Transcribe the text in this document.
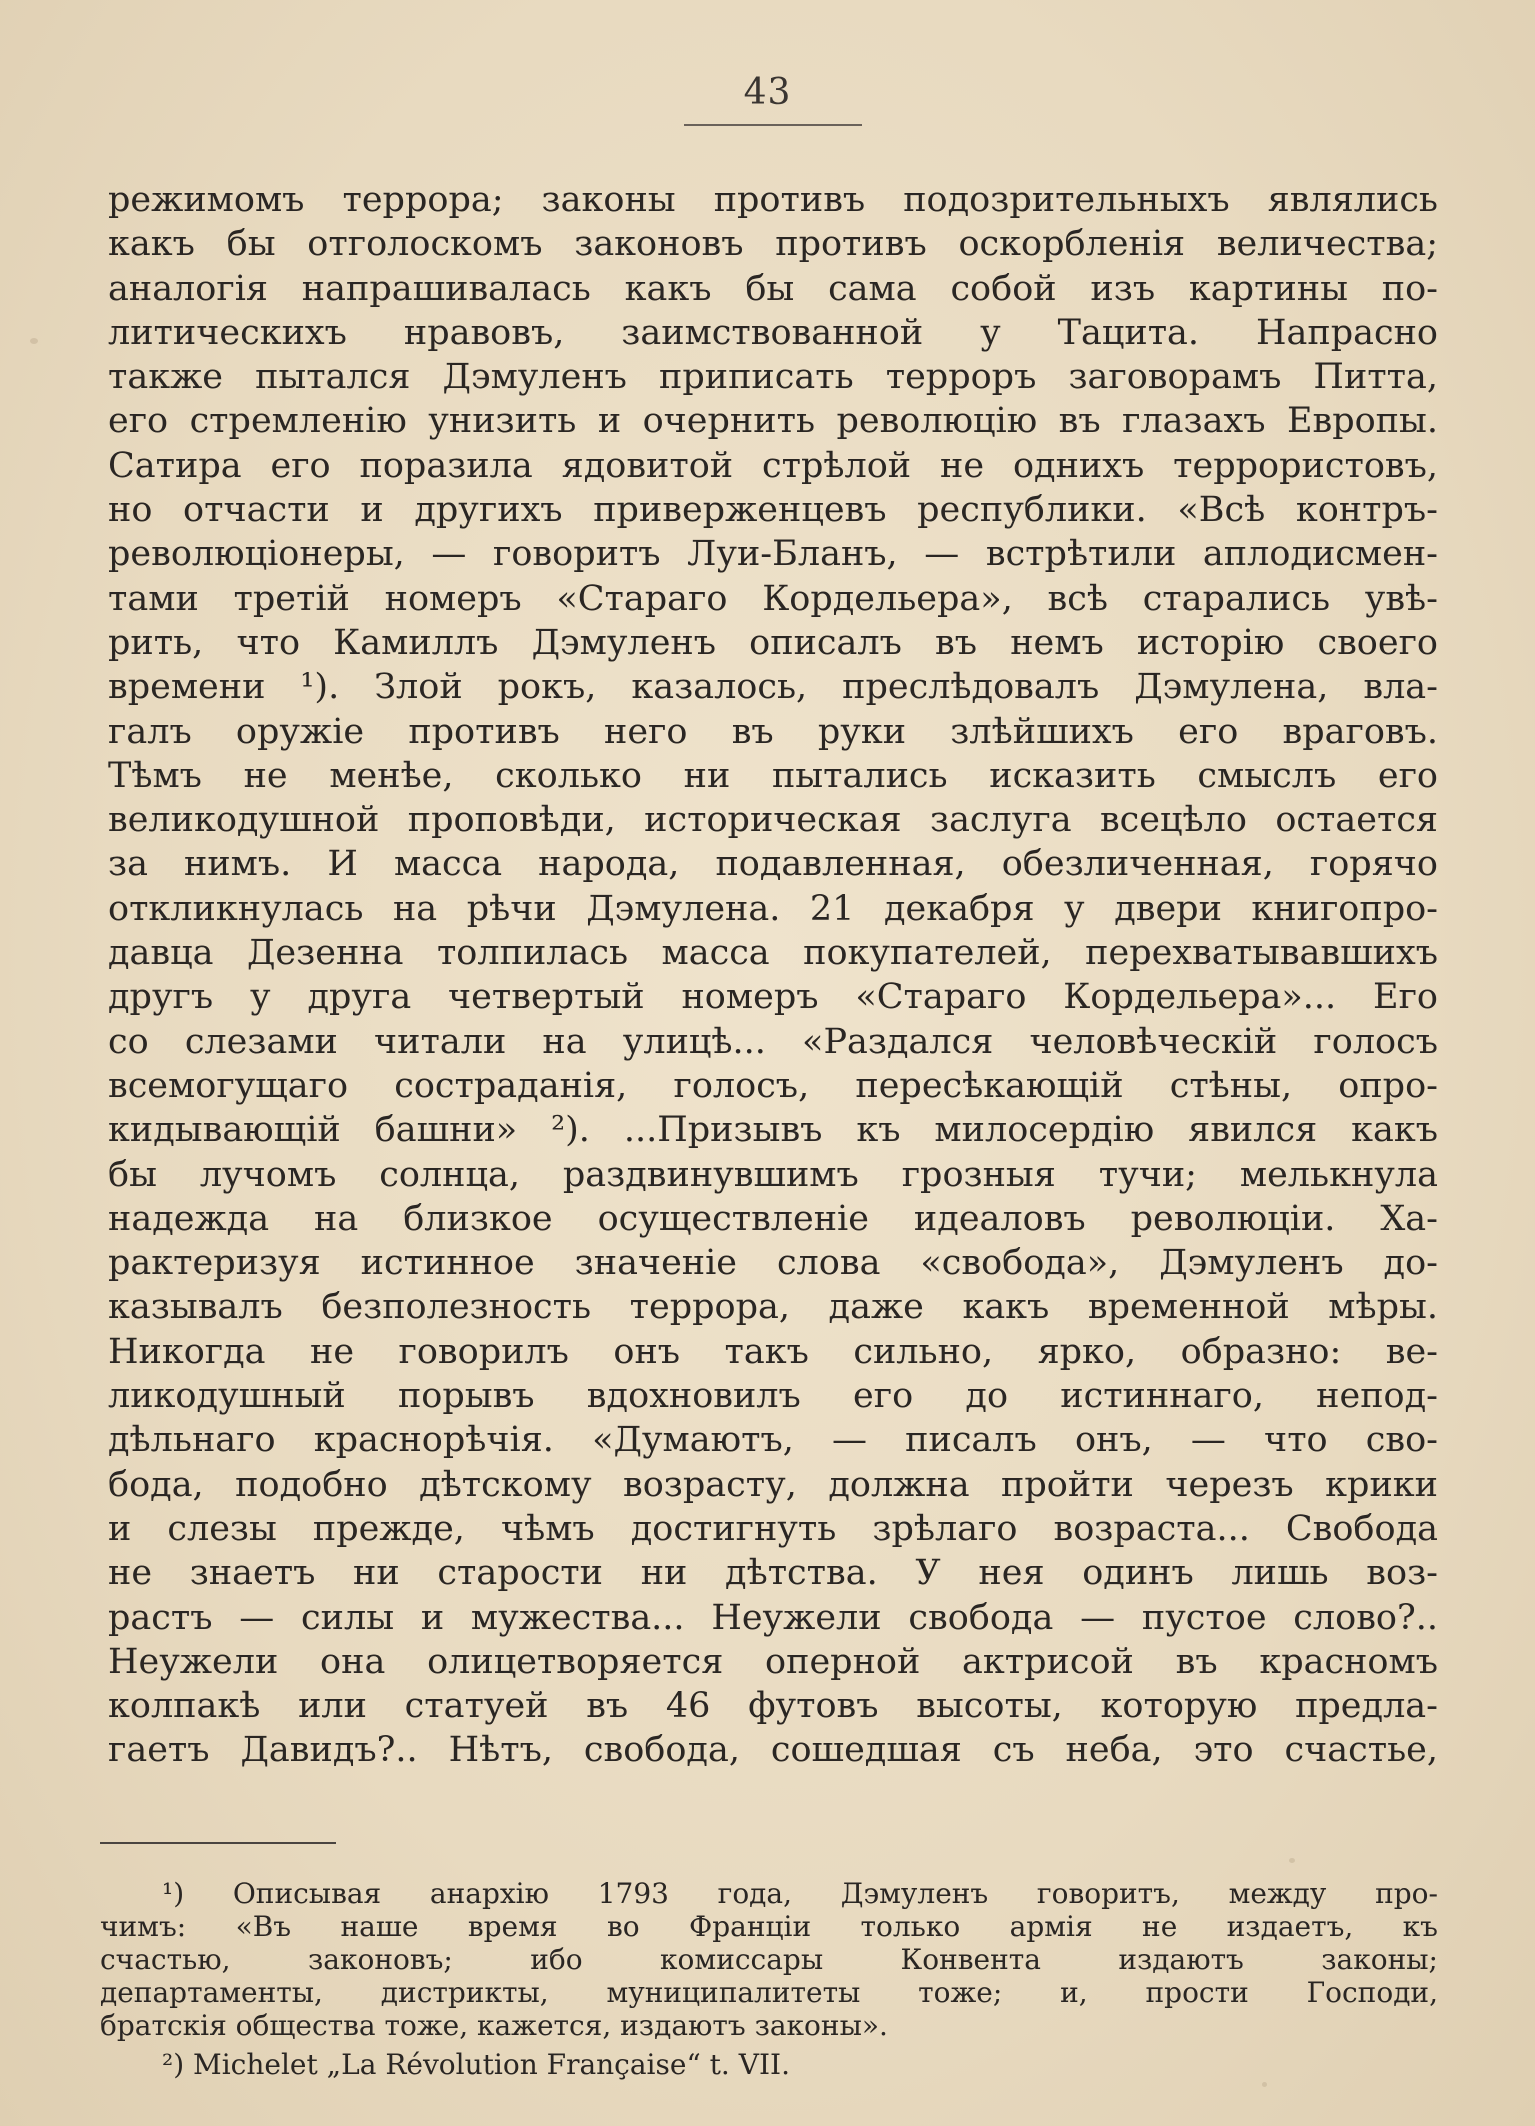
43
режимомъ террора; законы противъ подозрительныхъ являлись
какъ бы отголоскомъ законовъ противъ оскорбленія величества;
аналогія напрашивалась какъ бы сама собой изъ картины по-
литическихъ нравовъ, заимствованной у Тацита. Напрасно
также пытался Дэмуленъ приписать терроръ заговорамъ Питта,
его стремленію унизить и очернить революцію въ глазахъ Европы.
Сатира его поразила ядовитой стрѣлой не однихъ террористовъ,
но отчасти и другихъ приверженцевъ республики. «Всѣ контръ-
революціонеры, — говоритъ Луи-Бланъ, — встрѣтили аплодисмен-
тами третій номеръ «Стараго Кордельера», всѣ старались увѣ-
рить, что Камиллъ Дэмуленъ описалъ въ немъ исторію своего
времени ¹). Злой рокъ, казалось, преслѣдовалъ Дэмулена, вла-
галъ оружіе противъ него въ руки злѣйшихъ его враговъ.
Тѣмъ не менѣе, сколько ни пытались исказить смыслъ его
великодушной проповѣди, историческая заслуга всецѣло остается
за нимъ. И масса народа, подавленная, обезличенная, горячо
откликнулась на рѣчи Дэмулена. 21 декабря у двери книгопро-
давца Дезенна толпилась масса покупателей, перехватывавшихъ
другъ у друга четвертый номеръ «Стараго Кордельера»... Его
со слезами читали на улицѣ... «Раздался человѣческій голосъ
всемогущаго состраданія, голосъ, пересѣкающій стѣны, опро-
кидывающій башни» ²). ...Призывъ къ милосердію явился какъ
бы лучомъ солнца, раздвинувшимъ грозныя тучи; мелькнула
надежда на близкое осуществленіе идеаловъ революціи. Ха-
рактеризуя истинное значеніе слова «свобода», Дэмуленъ до-
казывалъ безполезность террора, даже какъ временной мѣры.
Никогда не говорилъ онъ такъ сильно, ярко, образно: ве-
ликодушный порывъ вдохновилъ его до истиннаго, непод-
дѣльнаго краснорѣчія. «Думаютъ, — писалъ онъ, — что сво-
бода, подобно дѣтскому возрасту, должна пройти черезъ крики
и слезы прежде, чѣмъ достигнуть зрѣлаго возраста... Свобода
не знаетъ ни старости ни дѣтства. У нея одинъ лишь воз-
растъ — силы и мужества... Неужели свобода — пустое слово?..
Неужели она олицетворяется оперной актрисой въ красномъ
колпакѣ или статуей въ 46 футовъ высоты, которую предла-
гаетъ Давидъ?.. Нѣтъ, свобода, сошедшая съ неба, это счастье,
¹) Описывая анархію 1793 года, Дэмуленъ говоритъ, между про-
чимъ: «Въ наше время во Франціи только армія не издаетъ, къ
счастью, законовъ; ибо комиссары Конвента издаютъ законы;
департаменты, дистрикты, муниципалитеты тоже; и, прости Господи,
братскія общества тоже, кажется, издаютъ законы».
²) Michelet „La Révolution Française“ t. VII.
